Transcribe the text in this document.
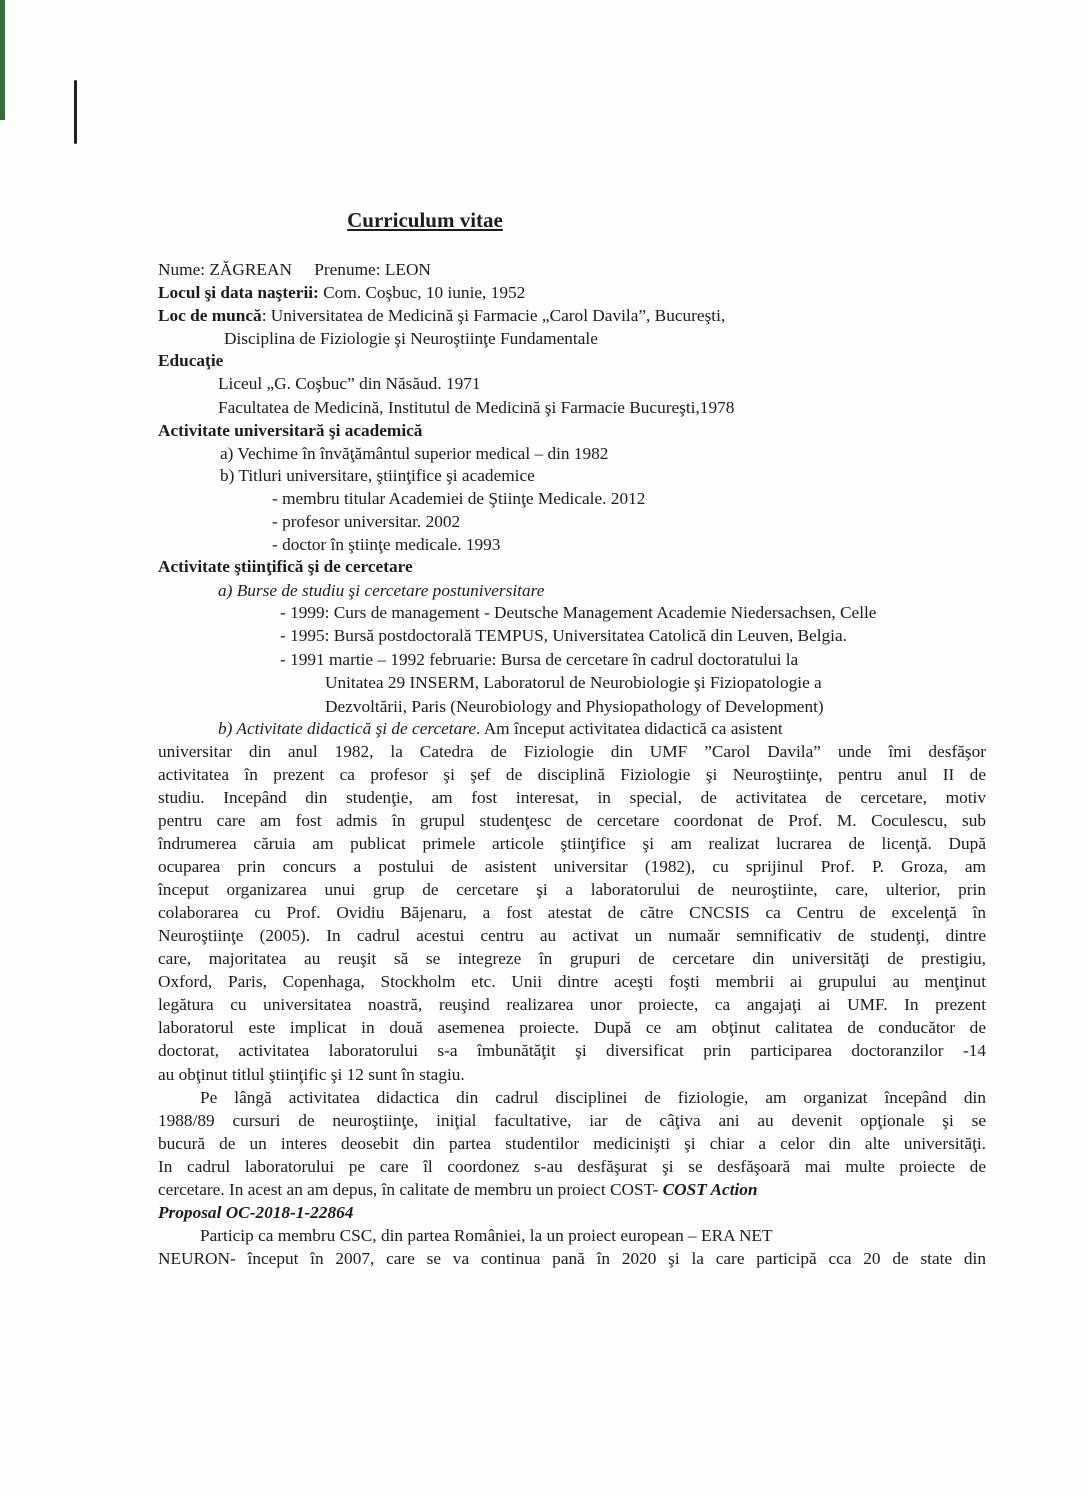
Curriculum vitae
Nume: ZĂGREAN Prenume: LEON
Locul şi data naşterii: Com. Coşbuc, 10 iunie, 1952
Loc de muncă: Universitatea de Medicină şi Farmacie „Carol Davila”, Bucureşti,
Disciplina de Fiziologie şi Neuroştiinţe Fundamentale
Educaţie
Liceul „G. Coşbuc” din Năsăud. 1971
Facultatea de Medicină, Institutul de Medicină şi Farmacie Bucureşti,1978
Activitate universitară şi academică
a) Vechime în învăţământul superior medical – din 1982
b) Titluri universitare, ştiinţifice şi academice
- membru titular Academiei de Ştiinţe Medicale. 2012
- profesor universitar. 2002
- doctor în ştiinţe medicale. 1993
Activitate ştiinţifică şi de cercetare
a) Burse de studiu şi cercetare postuniversitare
- 1999: Curs de management - Deutsche Management Academie Niedersachsen, Celle
- 1995: Bursă postdoctorală TEMPUS, Universitatea Catolică din Leuven, Belgia.
- 1991 martie – 1992 februarie: Bursa de cercetare în cadrul doctoratului la
Unitatea 29 INSERM, Laboratorul de Neurobiologie şi Fiziopatologie a
Dezvoltării, Paris (Neurobiology and Physiopathology of Development)
b) Activitate didactică şi de cercetare. Am început activitatea didactică ca asistent
universitar din anul 1982, la Catedra de Fiziologie din UMF ”Carol Davila” unde îmi desfăşor
activitatea în prezent ca profesor şi şef de disciplină Fiziologie şi Neuroştiinţe, pentru anul II de
studiu. Incepând din studenţie, am fost interesat, in special, de activitatea de cercetare, motiv
pentru care am fost admis în grupul studenţesc de cercetare coordonat de Prof. M. Coculescu, sub
îndrumerea căruia am publicat primele articole ştiinţifice şi am realizat lucrarea de licenţă. După
ocuparea prin concurs a postului de asistent universitar (1982), cu sprijinul Prof. P. Groza, am
început organizarea unui grup de cercetare şi a laboratorului de neuroştiinte, care, ulterior, prin
colaborarea cu Prof. Ovidiu Băjenaru, a fost atestat de către CNCSIS ca Centru de excelenţă în
Neuroştiinţe (2005). In cadrul acestui centru au activat un numaăr semnificativ de studenţi, dintre
care, majoritatea au reuşit să se integreze în grupuri de cercetare din universităţi de prestigiu,
Oxford, Paris, Copenhaga, Stockholm etc. Unii dintre aceşti foşti membrii ai grupului au menţinut
legătura cu universitatea noastră, reuşind realizarea unor proiecte, ca angajaţi ai UMF. In prezent
laboratorul este implicat in două asemenea proiecte. După ce am obţinut calitatea de conducător de
doctorat, activitatea laboratorului s-a îmbunătăţit şi diversificat prin participarea doctoranzilor -14
au obţinut titlul ştiinţific şi 12 sunt în stagiu.
Pe lângă activitatea didactica din cadrul disciplinei de fiziologie, am organizat începând din
1988/89 cursuri de neuroştiinţe, iniţial facultative, iar de câţiva ani au devenit opţionale şi se
bucură de un interes deosebit din partea studentilor medicinişti şi chiar a celor din alte universităţi.
In cadrul laboratorului pe care îl coordonez s-au desfăşurat şi se desfăşoară mai multe proiecte de
cercetare. In acest an am depus, în calitate de membru un proiect COST- COST Action
Proposal OC-2018-1-22864
Particip ca membru CSC, din partea României, la un proiect european – ERA NET
NEURON- început în 2007, care se va continua pană în 2020 şi la care participă cca 20 de state din
